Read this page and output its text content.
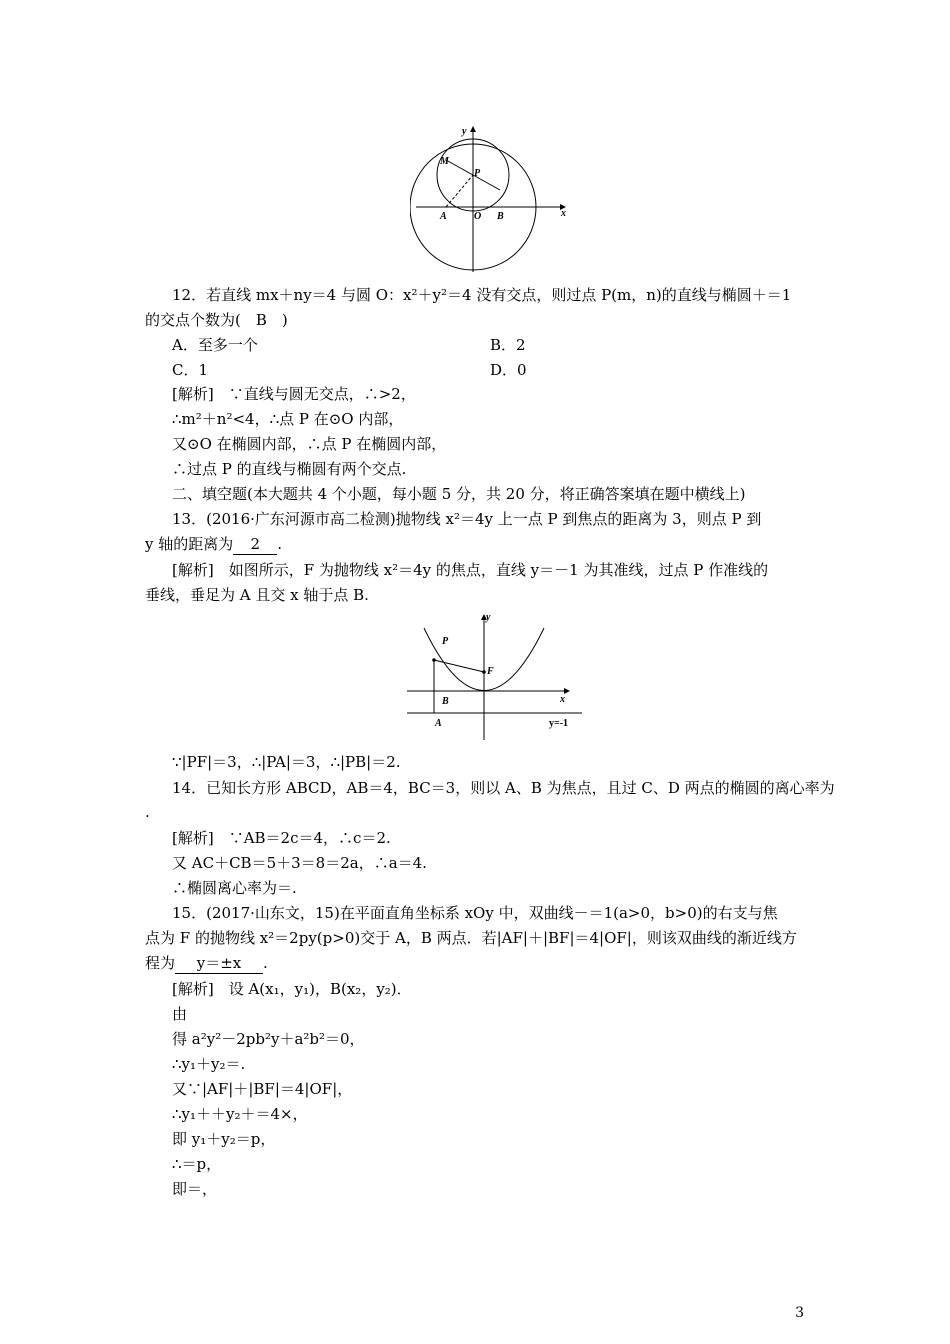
y
x
M
P
A	O B
12．若直线 mx＋ny＝4 与圆 O：x²＋y²＝4 没有交点，则过点 P(m，n)的直线与椭圆＋＝1
的交点个数为(　B　)
A．至多一个	B．2
C．1	D．0
[解析]　∵直线与圆无交点，∴>2，
∴m²＋n²<4，∴点 P 在⊙O 内部，
又⊙O 在椭圆内部，∴点 P 在椭圆内部，
∴过点 P 的直线与椭圆有两个交点.
二、填空题(本大题共 4 个小题，每小题 5 分，共 20 分，将正确答案填在题中横线上)
13．(2016·广东河源市高二检测)抛物线 x²＝4y 上一点 P 到焦点的距离为 3，则点 P 到
y 轴的距离为 2 .
[解析]　如图所示，F 为抛物线 x²＝4y 的焦点，直线 y＝－1 为其准线，过点 P 作准线的
垂线，垂足为 A 且交 x 轴于点 B.
y
x
P
F
B
A	y=-1
∵|PF|＝3，∴|PA|＝3，∴|PB|＝2.
14．已知长方形 ABCD，AB＝4，BC＝3，则以 A、B 为焦点，且过 C、D 两点的椭圆的离心率为
.
[解析]　∵AB＝2c＝4，∴c＝2.
又 AC＋CB＝5＋3＝8＝2a，∴a＝4.
∴椭圆离心率为＝.
15．(2017·山东文，15)在平面直角坐标系 xOy 中，双曲线－＝1(a>0，b>0)的右支与焦
点为 F 的抛物线 x²＝2py(p>0)交于 A，B 两点．若|AF|＋|BF|＝4|OF|，则该双曲线的渐近线方
程为 y＝±x .
[解析]　设 A(x₁，y₁)，B(x₂，y₂)．
由
得 a²y²－2pb²y＋a²b²＝0，
∴y₁＋y₂＝.
又∵|AF|＋|BF|＝4|OF|，
∴y₁＋＋y₂＋＝4×，
即 y₁＋y₂＝p，
∴＝p，
即＝，
3
